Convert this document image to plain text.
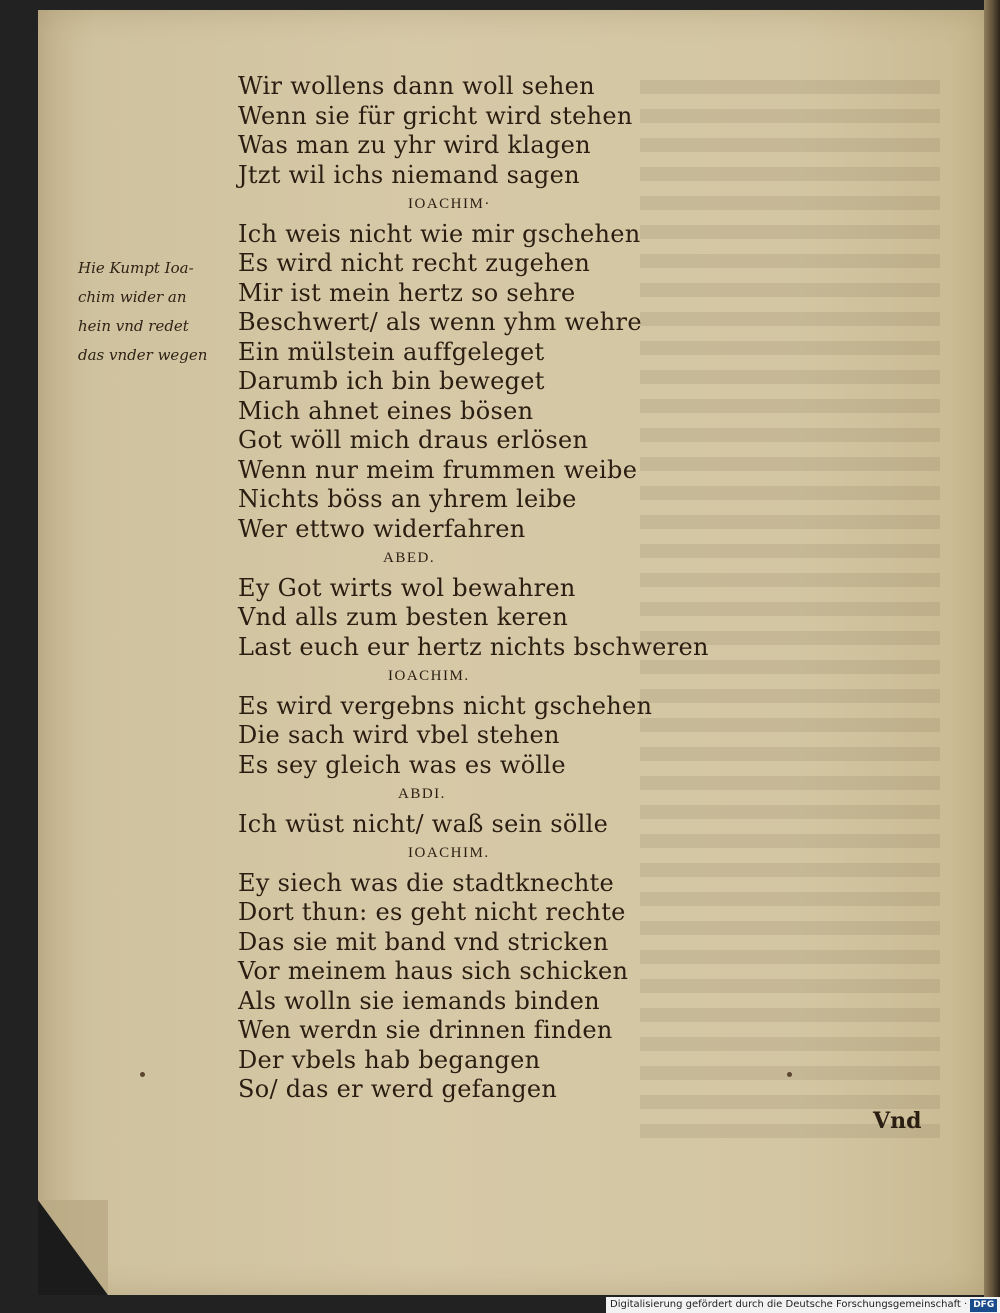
Hie Kumpt Ioa-
chim wider an
hein vnd redet
das vnder wegen
Wir wollens dann woll sehen
Wenn sie für gricht wird stehen
Was man zu yhr wird klagen
Jtzt wil ichs niemand sagen
IOACHIM·
Ich weis nicht wie mir gschehen
Es wird nicht recht zugehen
Mir ist mein hertz so sehre
Beschwert/ als wenn yhm wehre
Ein mülstein auffgeleget
Darumb ich bin beweget
Mich ahnet eines bösen
Got wöll mich draus erlösen
Wenn nur meim frummen weibe
Nichts böss an yhrem leibe
Wer ettwo widerfahren
ABED.
Ey Got wirts wol bewahren
Vnd alls zum besten keren
Last euch eur hertz nichts bschweren
IOACHIM.
Es wird vergebns nicht gschehen
Die sach wird vbel stehen
Es sey gleich was es wölle
ABDI.
Ich wüst nicht/ waß sein sölle
IOACHIM.
Ey siech was die stadtknechte
Dort thun: es geht nicht rechte
Das sie mit band vnd stricken
Vor meinem haus sich schicken
Als wolln sie iemands binden
Wen werdn sie drinnen finden
Der vbels hab begangen
So/ das er werd gefangen
Vnd
Digitalisierung gefördert durch die Deutsche Forschungsgemeinschaft · DFG
